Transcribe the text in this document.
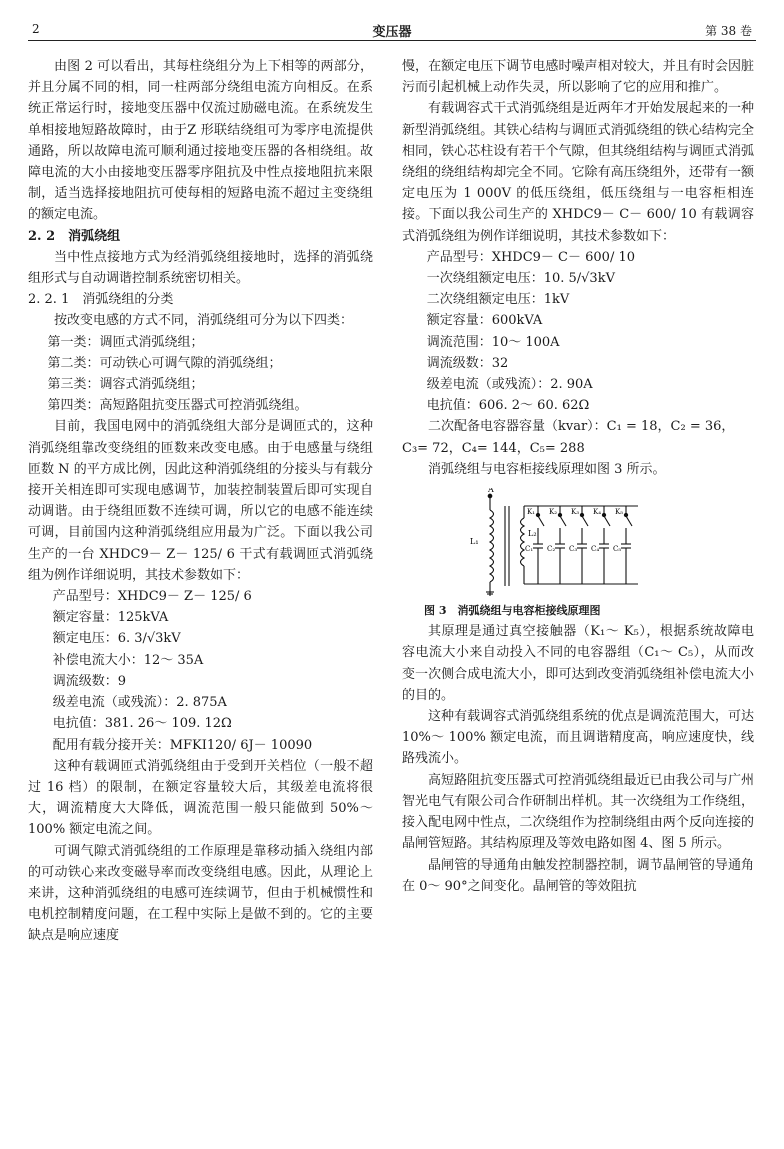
2	变压器	第 38 卷

由图 2 可以看出，其每柱绕组分为上下相等的两部分，并且分属不同的相，同一柱两部分绕组电流方向相反。在系统正常运行时，接地变压器中仅流过励磁电流。在系统发生单相接地短路故障时，由于Z 形联结绕组可为零序电流提供通路，所以故障电流可顺利通过接地变压器的各相绕组。故障电流的大小由接地变压器零序阻抗及中性点接地阻抗来限制，适当选择接地阻抗可使每相的短路电流不超过主变绕组的额定电流。

2. 2　消弧绕组

当中性点接地方式为经消弧绕组接地时，选择的消弧绕组形式与自动调谐控制系统密切相关。

2. 2. 1　消弧绕组的分类

按改变电感的方式不同，消弧绕组可分为以下四类：

第一类：调匝式消弧绕组；

第二类：可动铁心可调气隙的消弧绕组；

第三类：调容式消弧绕组；

第四类：高短路阻抗变压器式可控消弧绕组。

目前，我国电网中的消弧绕组大部分是调匝式的，这种消弧绕组靠改变绕组的匝数来改变电感。由于电感量与绕组匝数 N 的平方成比例，因此这种消弧绕组的分接头与有载分接开关相连即可实现电感调节，加装控制装置后即可实现自动调谐。由于绕组匝数不连续可调，所以它的电感不能连续可调，目前国内这种消弧绕组应用最为广泛。下面以我公司生产的一台 XHDC9－ Z－ 125/ 6 干式有载调匝式消弧绕组为例作详细说明，其技术参数如下：

产品型号：XHDC9－ Z－ 125/ 6

额定容量：125kVA

额定电压：6. 3/√3kV

补偿电流大小：12～ 35A

调流级数：9

级差电流（或残流）：2. 875A

电抗值：381. 26～ 109. 12Ω

配用有载分接开关：MFKI120/ 6J－ 10090

这种有载调匝式消弧绕组由于受到开关档位（一般不超过 16 档）的限制，在额定容量较大后，其级差电流将很大，调流精度大大降低，调流范围一般只能做到 50%～ 100% 额定电流之间。

可调气隙式消弧绕组的工作原理是靠移动插入绕组内部的可动铁心来改变磁导率而改变绕组电感。因此，从理论上来讲，这种消弧绕组的电感可连续调节，但由于机械惯性和电机控制精度问题，在工程中实际上是做不到的。它的主要缺点是响应速度

慢，在额定电压下调节电感时噪声相对较大，并且有时会因脏污而引起机械上动作失灵，所以影响了它的应用和推广。

有载调容式干式消弧绕组是近两年才开始发展起来的一种新型消弧绕组。其铁心结构与调匝式消弧绕组的铁心结构完全相同，铁心芯柱设有若干个气隙，但其绕组结构与调匝式消弧绕组的绕组结构却完全不同。它除有高压绕组外，还带有一额定电压为 1 000V 的低压绕组，低压绕组与一电容柜相连接。下面以我公司生产的 XHDC9－ C－ 600/ 10 有载调容式消弧绕组为例作详细说明，其技术参数如下：

产品型号：XHDC9－ C－ 600/ 10

一次绕组额定电压：10. 5/√3kV

二次绕组额定电压：1kV

额定容量：600kVA

调流范围：10～ 100A

调流级数：32

级差电流（或残流）：2. 90A

电抗值：606. 2～ 60. 62Ω

二次配备电容器容量（kvar）：C₁ = 18，C₂ = 36，

C₃= 72，C₄= 144，C₅= 288

消弧绕组与电容柜接线原理如图 3 所示。

K₁
C₁
K₂
C₂
K₃
C₃
K₄
C₄
K₅
C₅
A
L₁
L₂

图 3　消弧绕组与电容柜接线原理图

其原理是通过真空接触器（K₁～ K₅），根据系统故障电容电流大小来自动投入不同的电容器组（C₁～ C₅），从而改变一次侧合成电流大小，即可达到改变消弧绕组补偿电流大小的目的。

这种有载调容式消弧绕组系统的优点是调流范围大，可达 10%～ 100% 额定电流，而且调谐精度高，响应速度快，线路残流小。

高短路阻抗变压器式可控消弧绕组最近已由我公司与广州智光电气有限公司合作研制出样机。其一次绕组为工作绕组，接入配电网中性点，二次绕组作为控制绕组由两个反向连接的晶闸管短路。其结构原理及等效电路如图 4、图 5 所示。

晶闸管的导通角由触发控制器控制，调节晶闸管的导通角在 0～ 90°之间变化。晶闸管的等效阻抗
